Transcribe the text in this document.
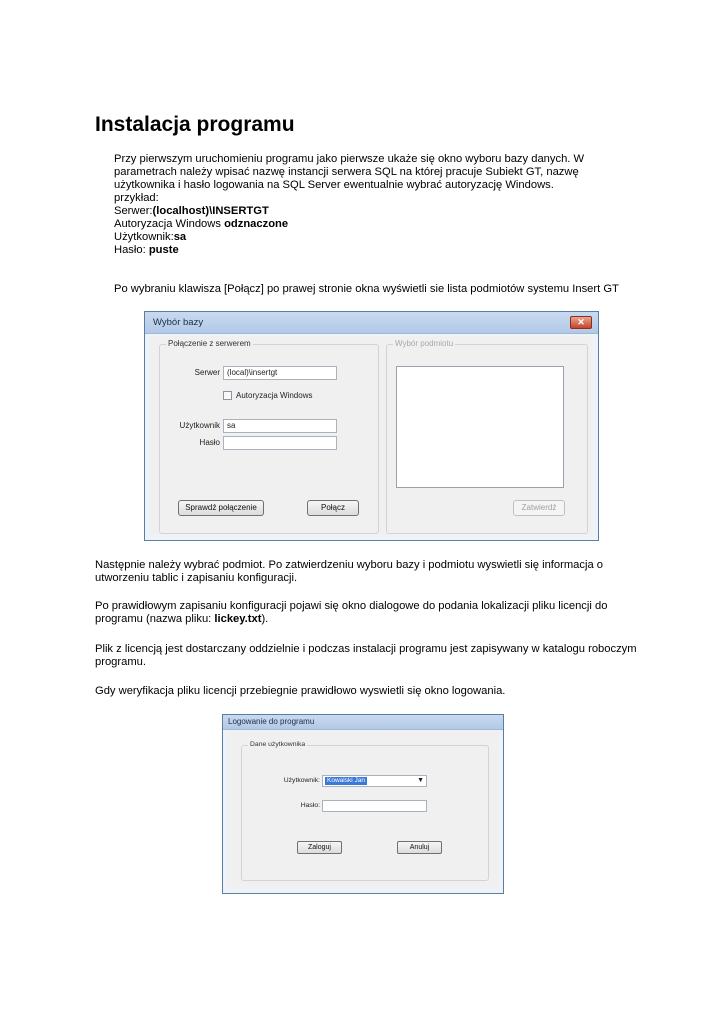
Instalacja programu
Przy pierwszym uruchomieniu programu jako pierwsze ukaże się okno wyboru bazy danych. W
parametrach należy wpisać nazwę instancji serwera SQL na której pracuje Subiekt GT, nazwę
użytkownika i hasło logowania na SQL Server ewentualnie wybrać autoryzację Windows.
przykład:
Serwer:(localhost)\INSERTGT
Autoryzacja Windows odznaczone
Użytkownik:sa
Hasło: puste
Po wybraniu klawisza [Połącz] po prawej stronie okna wyświetli sie lista podmiotów systemu Insert GT
Wybór bazy	✕
Połączenie z serwerem
Serwer (local)\insertgt
Autoryzacja Windows
Użytkownik sa
Hasło
Sprawdź połączenie	Połącz
Wybór podmiotu
Zatwierdź
Następnie należy wybrać podmiot. Po zatwierdzeniu wyboru bazy i podmiotu wyswietli się informacja o
utworzeniu tablic i zapisaniu konfiguracji.
Po prawidłowym zapisaniu konfiguracji pojawi się okno dialogowe do podania lokalizacji pliku licencji do
programu (nazwa pliku: lickey.txt).
Plik z licencją jest dostarczany oddzielnie i podczas instalacji programu jest zapisywany w katalogu roboczym
programu.
Gdy weryfikacja pliku licencji przebiegnie prawidłowo wyswietli się okno logowania.
Logowanie do programu
Dane użytkownika
Użytkownik:	Kowalski Jan	▼
Hasło:
Zaloguj	Anuluj
